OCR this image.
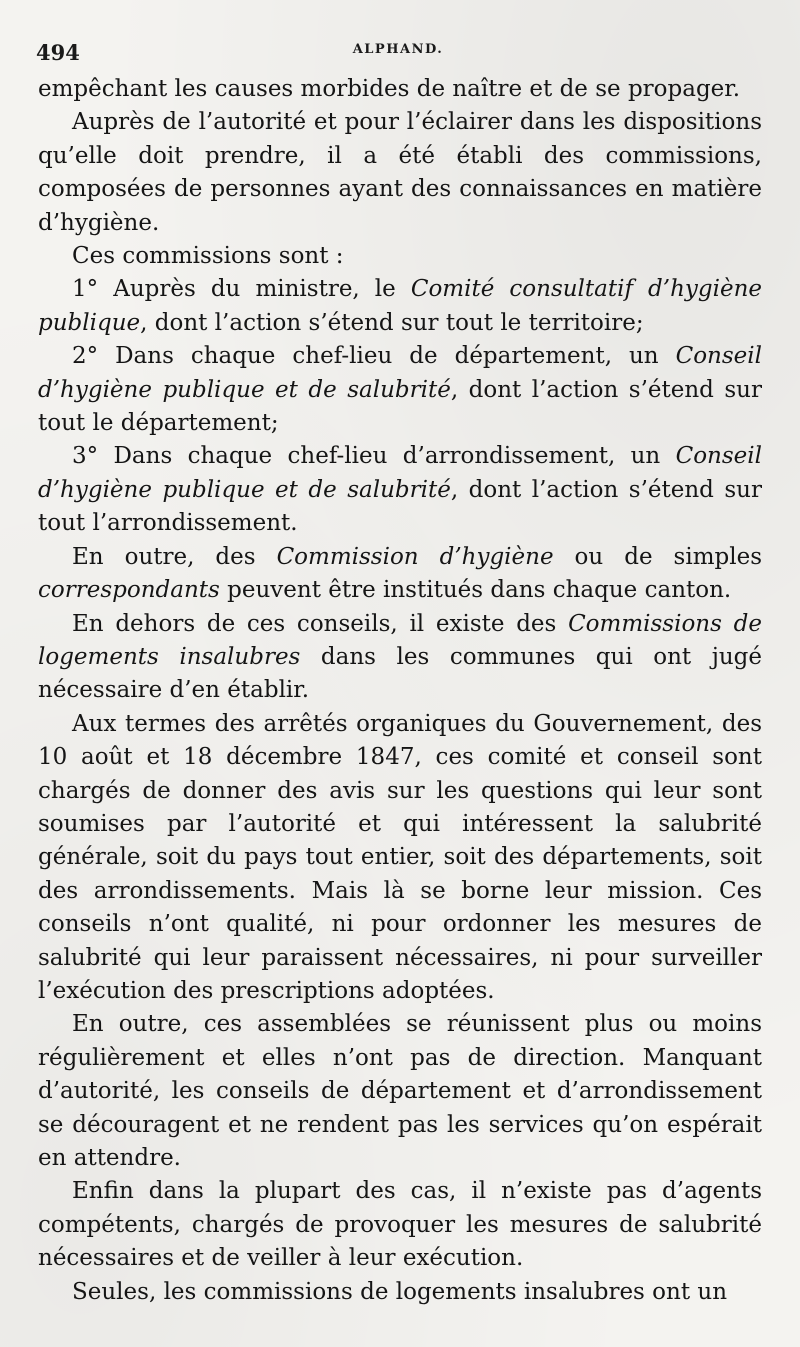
494	ALPHAND.

empêchant les causes morbides de naître et de se propager.

Auprès de l’autorité et pour l’éclairer dans les dispositions qu’elle doit prendre, il a été établi des commissions, composées de personnes ayant des connaissances en matière d’hygiène.

Ces commissions sont :

1° Auprès du ministre, le Comité consultatif d’hygiène publique, dont l’action s’étend sur tout le territoire;

2° Dans chaque chef-lieu de département, un Conseil d’hygiène publique et de salubrité, dont l’action s’étend sur tout le département;

3° Dans chaque chef-lieu d’arrondissement, un Conseil d’hygiène publique et de salubrité, dont l’action s’étend sur tout l’arrondissement.

En outre, des Commission d’hygiène ou de simples correspondants peuvent être institués dans chaque canton.

En dehors de ces conseils, il existe des Commissions de logements insalubres dans les communes qui ont jugé nécessaire d’en établir.

Aux termes des arrêtés organiques du Gouvernement, des 10 août et 18 décembre 1847, ces comité et conseil sont chargés de donner des avis sur les questions qui leur sont soumises par l’autorité et qui intéressent la salubrité générale, soit du pays tout entier, soit des départements, soit des arrondissements. Mais là se borne leur mission. Ces conseils n’ont qualité, ni pour ordonner les mesures de salubrité qui leur paraissent nécessaires, ni pour surveiller l’exécution des prescriptions adoptées.

En outre, ces assemblées se réunissent plus ou moins régulièrement et elles n’ont pas de direction. Manquant d’autorité, les conseils de département et d’arrondissement se découragent et ne rendent pas les services qu’on espérait en attendre.

Enfin dans la plupart des cas, il n’existe pas d’agents compétents, chargés de provoquer les mesures de salubrité nécessaires et de veiller à leur exécution.

Seules, les commissions de logements insalubres ont un
